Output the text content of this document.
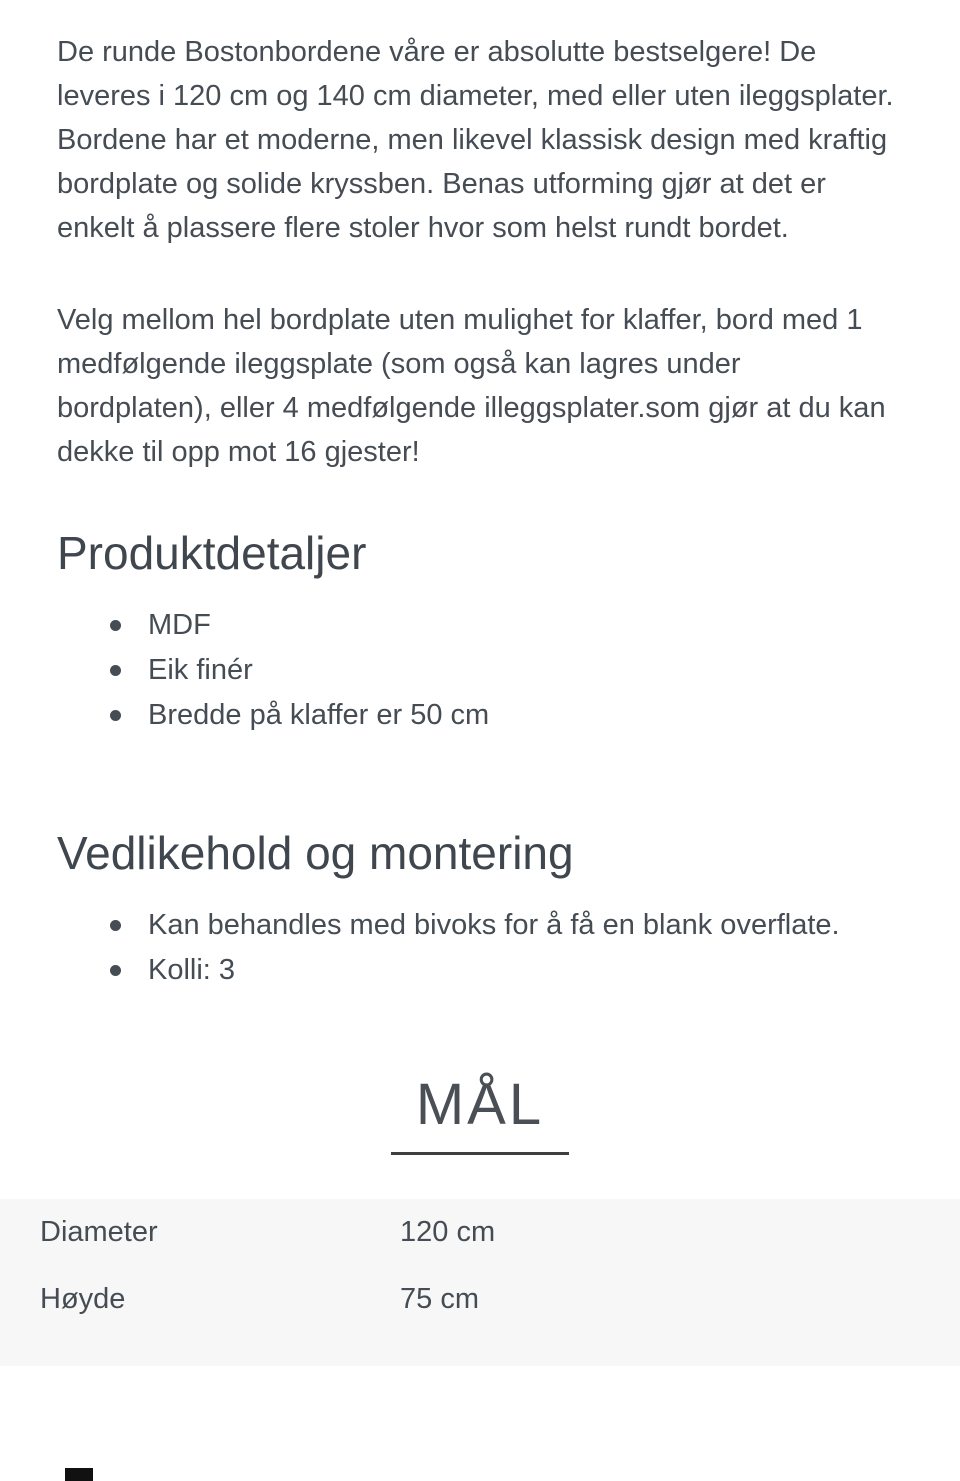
De runde Bostonbordene våre er absolutte bestselgere! De leveres i 120 cm og 140 cm diameter, med eller uten ileggsplater. Bordene har et moderne, men likevel klassisk design med kraftig bordplate og solide kryssben. Benas utforming gjør at det er enkelt å plassere flere stoler hvor som helst rundt bordet.

Velg mellom hel bordplate uten mulighet for klaffer, bord med 1 medfølgende ileggsplate (som også kan lagres under bordplaten), eller 4 medfølgende illeggsplater.som gjør at du kan dekke til opp mot 16 gjester!

Produktdetaljer
MDF
Eik finér
Bredde på klaffer er 50 cm
Vedlikehold og montering
Kan behandles med bivoks for å få en blank overflate.
Kolli: 3
MÅL
Diameter	120 cm
Høyde	75 cm
